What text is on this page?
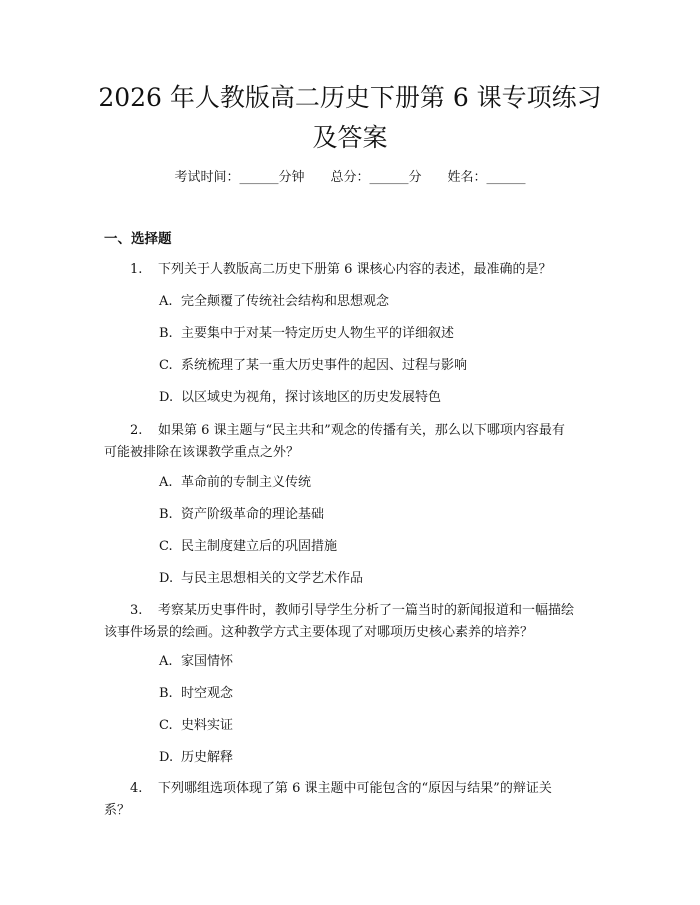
2026 年人教版高二历史下册第 6 课专项练习
及答案
考试时间：______分钟 总分：______分 姓名：______
一、选择题
1. 下列关于人教版高二历史下册第 6 课核心内容的表述，最准确的是？
A. 完全颠覆了传统社会结构和思想观念
B. 主要集中于对某一特定历史人物生平的详细叙述
C. 系统梳理了某一重大历史事件的起因、过程与影响
D. 以区域史为视角，探讨该地区的历史发展特色
2. 如果第 6 课主题与“民主共和”观念的传播有关，那么以下哪项内容最有
可能被排除在该课教学重点之外？
A. 革命前的专制主义传统
B. 资产阶级革命的理论基础
C. 民主制度建立后的巩固措施
D. 与民主思想相关的文学艺术作品
3. 考察某历史事件时，教师引导学生分析了一篇当时的新闻报道和一幅描绘
该事件场景的绘画。这种教学方式主要体现了对哪项历史核心素养的培养？
A. 家国情怀
B. 时空观念
C. 史料实证
D. 历史解释
4. 下列哪组选项体现了第 6 课主题中可能包含的“原因与结果”的辩证关
系？
